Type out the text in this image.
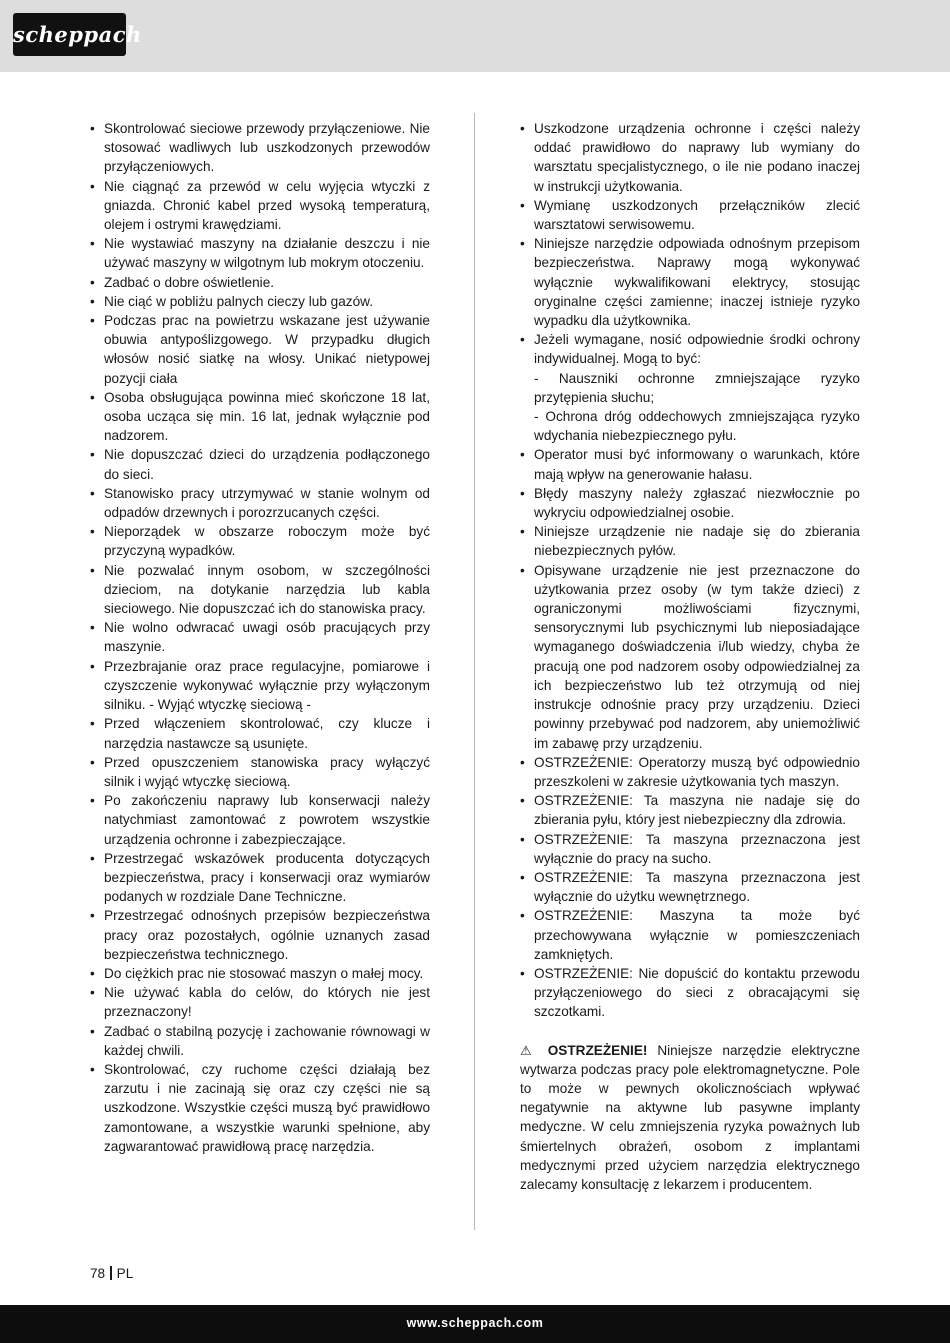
scheppach
• Skontrolować sieciowe przewody przyłączeniowe. Nie stosować wadliwych lub uszkodzonych przewodów przyłączeniowych.
• Nie ciągnąć za przewód w celu wyjęcia wtyczki z gniazda. Chronić kabel przed wysoką temperaturą, olejem i ostrymi krawędziami.
• Nie wystawiać maszyny na działanie deszczu i nie używać maszyny w wilgotnym lub mokrym otoczeniu.
• Zadbać o dobre oświetlenie.
• Nie ciąć w pobliżu palnych cieczy lub gazów.
• Podczas prac na powietrzu wskazane jest używanie obuwia antypoślizgowego. W przypadku długich włosów nosić siatkę na włosy. Unikać nietypowej pozycji ciała
• Osoba obsługująca powinna mieć skończone 18 lat, osoba ucząca się min. 16 lat, jednak wyłącznie pod nadzorem.
• Nie dopuszczać dzieci do urządzenia podłączonego do sieci.
• Stanowisko pracy utrzymywać w stanie wolnym od odpadów drzewnych i porozrzucanych części.
• Nieporządek w obszarze roboczym może być przyczyną wypadków.
• Nie pozwalać innym osobom, w szczególności dzieciom, na dotykanie narzędzia lub kabla sieciowego. Nie dopuszczać ich do stanowiska pracy.
• Nie wolno odwracać uwagi osób pracujących przy maszynie.
• Przezbrajanie oraz prace regulacyjne, pomiarowe i czyszczenie wykonywać wyłącznie przy wyłączonym silniku. - Wyjąć wtyczkę sieciową -
• Przed włączeniem skontrolować, czy klucze i narzędzia nastawcze są usunięte.
• Przed opuszczeniem stanowiska pracy wyłączyć silnik i wyjąć wtyczkę sieciową.
• Po zakończeniu naprawy lub konserwacji należy natychmiast zamontować z powrotem wszystkie urządzenia ochronne i zabezpieczające.
• Przestrzegać wskazówek producenta dotyczących bezpieczeństwa, pracy i konserwacji oraz wymiarów podanych w rozdziale Dane Techniczne.
• Przestrzegać odnośnych przepisów bezpieczeństwa pracy oraz pozostałych, ogólnie uznanych zasad bezpieczeństwa technicznego.
• Do ciężkich prac nie stosować maszyn o małej mocy.
• Nie używać kabla do celów, do których nie jest przeznaczony!
• Zadbać o stabilną pozycję i zachowanie równowagi w każdej chwili.
• Skontrolować, czy ruchome części działają bez zarzutu i nie zacinają się oraz czy części nie są uszkodzone. Wszystkie części muszą być prawidłowo zamontowane, a wszystkie warunki spełnione, aby zagwarantować prawidłową pracę narzędzia.
• Uszkodzone urządzenia ochronne i części należy oddać prawidłowo do naprawy lub wymiany do warsztatu specjalistycznego, o ile nie podano inaczej w instrukcji użytkowania.
• Wymianę uszkodzonych przełączników zlecić warsztatowi serwisowemu.
• Niniejsze narzędzie odpowiada odnośnym przepisom bezpieczeństwa. Naprawy mogą wykonywać wyłącznie wykwalifikowani elektrycy, stosując oryginalne części zamienne; inaczej istnieje ryzyko wypadku dla użytkownika.
• Jeżeli wymagane, nosić odpowiednie środki ochrony indywidualnej. Mogą to być:
- Nauszniki ochronne zmniejszające ryzyko przytępienia słuchu;
- Ochrona dróg oddechowych zmniejszająca ryzyko wdychania niebezpiecznego pyłu.
• Operator musi być informowany o warunkach, które mają wpływ na generowanie hałasu.
• Błędy maszyny należy zgłaszać niezwłocznie po wykryciu odpowiedzialnej osobie.
• Niniejsze urządzenie nie nadaje się do zbierania niebezpiecznych pyłów.
• Opisywane urządzenie nie jest przeznaczone do użytkowania przez osoby (w tym także dzieci) z ograniczonymi możliwościami fizycznymi, sensorycznymi lub psychicznymi lub nieposiadające wymaganego doświadczenia i/lub wiedzy, chyba że pracują one pod nadzorem osoby odpowiedzialnej za ich bezpieczeństwo lub też otrzymują od niej instrukcje odnośnie pracy przy urządzeniu. Dzieci powinny przebywać pod nadzorem, aby uniemożliwić im zabawę przy urządzeniu.
• OSTRZEŻENIE: Operatorzy muszą być odpowiednio przeszkoleni w zakresie użytkowania tych maszyn.
• OSTRZEŻENIE: Ta maszyna nie nadaje się do zbierania pyłu, który jest niebezpieczny dla zdrowia.
• OSTRZEŻENIE: Ta maszyna przeznaczona jest wyłącznie do pracy na sucho.
• OSTRZEŻENIE: Ta maszyna przeznaczona jest wyłącznie do użytku wewnętrznego.
• OSTRZEŻENIE: Maszyna ta może być przechowywana wyłącznie w pomieszczeniach zamkniętych.
• OSTRZEŻENIE: Nie dopuścić do kontaktu przewodu przyłączeniowego do sieci z obracającymi się szczotkami.

⚠ OSTRZEŻENIE! Niniejsze narzędzie elektryczne wytwarza podczas pracy pole elektromagnetyczne. Pole to może w pewnych okolicznościach wpływać negatywnie na aktywne lub pasywne implanty medyczne. W celu zmniejszenia ryzyka poważnych lub śmiertelnych obrażeń, osobom z implantami medycznymi przed użyciem narzędzia elektrycznego zalecamy konsultację z lekarzem i producentem.

78 PL
www.scheppach.com
